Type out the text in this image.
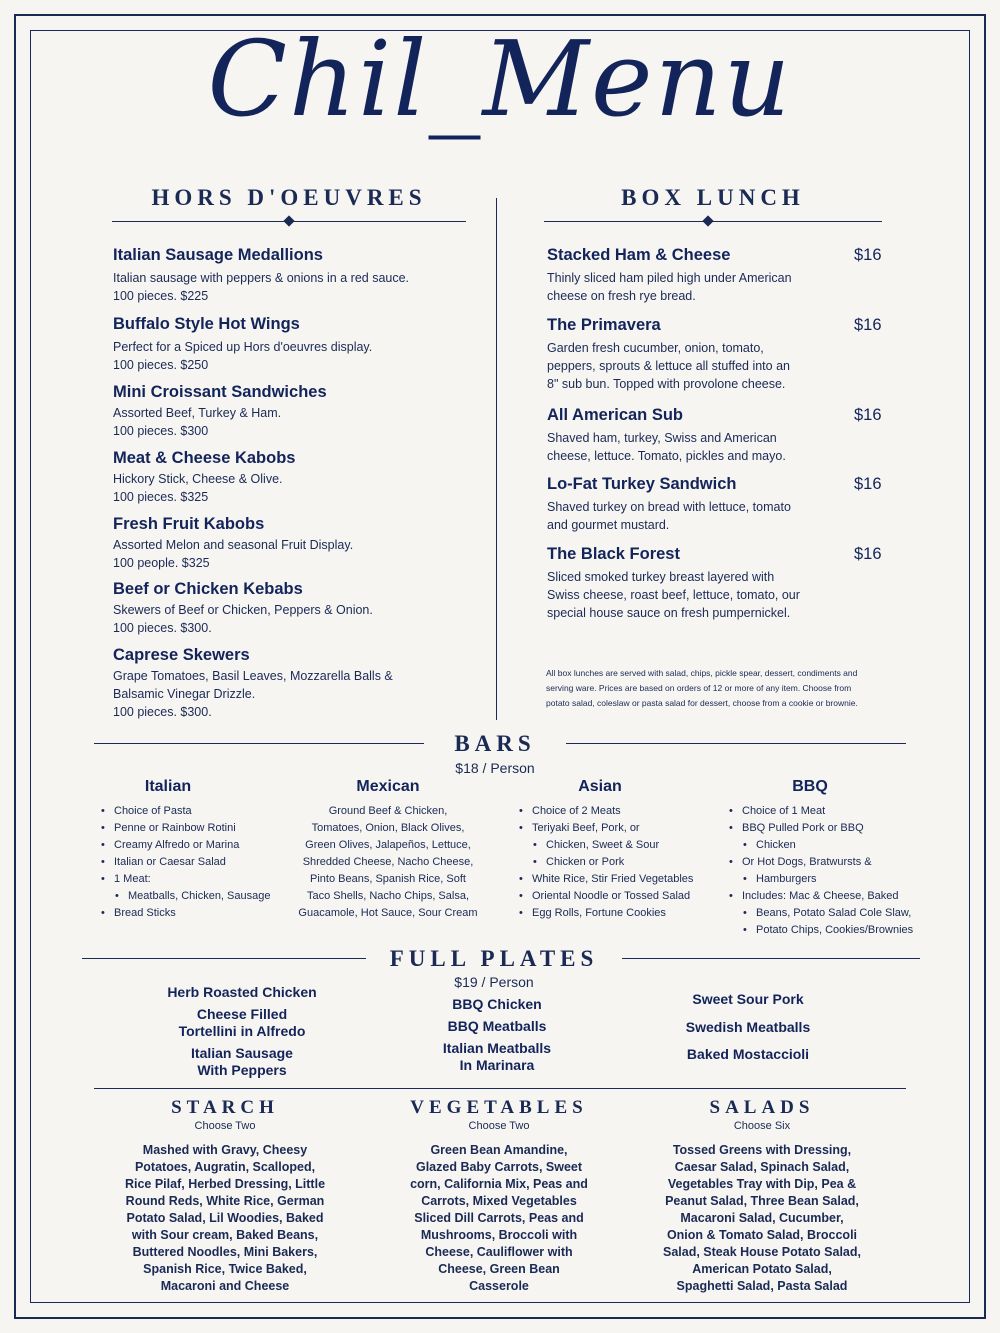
Chil_Menu
HORS D'OEUVRES
Italian Sausage Medallions
Italian sausage with peppers & onions in a red sauce.
100 pieces. $225
Buffalo Style Hot Wings
Perfect for a Spiced up Hors d'oeuvres display.
100 pieces. $250
Mini Croissant Sandwiches
Assorted Beef, Turkey & Ham.
100 pieces. $300
Meat & Cheese Kabobs
Hickory Stick, Cheese & Olive.
100 pieces. $325
Fresh Fruit Kabobs
Assorted Melon and seasonal Fruit Display.
100 people. $325
Beef or Chicken Kebabs
Skewers of Beef or Chicken, Peppers & Onion.
100 pieces. $300.
Caprese Skewers
Grape Tomatoes, Basil Leaves, Mozzarella Balls &
Balsamic Vinegar Drizzle.
100 pieces. $300.
BOX LUNCH
Stacked Ham & Cheese
Thinly sliced ham piled high under American
cheese on fresh rye bread.
$16
The Primavera
Garden fresh cucumber, onion, tomato,
peppers, sprouts & lettuce all stuffed into an
8" sub bun. Topped with provolone cheese.
$16
All American Sub
Shaved ham, turkey, Swiss and American
cheese, lettuce. Tomato, pickles and mayo.
$16
Lo-Fat Turkey Sandwich
Shaved turkey on bread with lettuce, tomato
and gourmet mustard.
$16
The Black Forest
Sliced smoked turkey breast layered with
Swiss cheese, roast beef, lettuce, tomato, our
special house sauce on fresh pumpernickel.
$16
All box lunches are served with salad, chips, pickle spear, dessert, condiments and
serving ware. Prices are based on orders of 12 or more of any item. Choose from
potato salad, coleslaw or pasta salad for dessert, choose from a cookie or brownie.
BARS
$18 / Person
Italian
• Choice of Pasta
• Penne or Rainbow Rotini
• Creamy Alfredo or Marina
• Italian or Caesar Salad
• 1 Meat:
• Meatballs, Chicken, Sausage
• Bread Sticks
Mexican
Ground Beef & Chicken,
Tomatoes, Onion, Black Olives,
Green Olives, Jalapeños, Lettuce,
Shredded Cheese, Nacho Cheese,
Pinto Beans, Spanish Rice, Soft
Taco Shells, Nacho Chips, Salsa,
Guacamole, Hot Sauce, Sour Cream
Asian
• Choice of 2 Meats
• Teriyaki Beef, Pork, or
• Chicken, Sweet & Sour
• Chicken or Pork
• White Rice, Stir Fried Vegetables
• Oriental Noodle or Tossed Salad
• Egg Rolls, Fortune Cookies
BBQ
• Choice of 1 Meat
• BBQ Pulled Pork or BBQ
• Chicken
• Or Hot Dogs, Bratwursts &
• Hamburgers
• Includes: Mac & Cheese, Baked
• Beans, Potato Salad Cole Slaw,
• Potato Chips, Cookies/Brownies
FULL PLATES
$19 / Person
Herb Roasted Chicken
Cheese Filled
Tortellini in Alfredo
Italian Sausage
With Peppers
BBQ Chicken
BBQ Meatballs
Italian Meatballs
In Marinara
Sweet Sour Pork
Swedish Meatballs
Baked Mostaccioli
STARCH
Choose Two
Mashed with Gravy, Cheesy
Potatoes, Augratin, Scalloped,
Rice Pilaf, Herbed Dressing, Little
Round Reds, White Rice, German
Potato Salad, Lil Woodies, Baked
with Sour cream, Baked Beans,
Buttered Noodles, Mini Bakers,
Spanish Rice, Twice Baked,
Macaroni and Cheese
VEGETABLES
Choose Two
Green Bean Amandine,
Glazed Baby Carrots, Sweet
corn, California Mix, Peas and
Carrots, Mixed Vegetables
Sliced Dill Carrots, Peas and
Mushrooms, Broccoli with
Cheese, Cauliflower with
Cheese, Green Bean
Casserole
SALADS
Choose Six
Tossed Greens with Dressing,
Caesar Salad, Spinach Salad,
Vegetables Tray with Dip, Pea &
Peanut Salad, Three Bean Salad,
Macaroni Salad, Cucumber,
Onion & Tomato Salad, Broccoli
Salad, Steak House Potato Salad,
American Potato Salad,
Spaghetti Salad, Pasta Salad
